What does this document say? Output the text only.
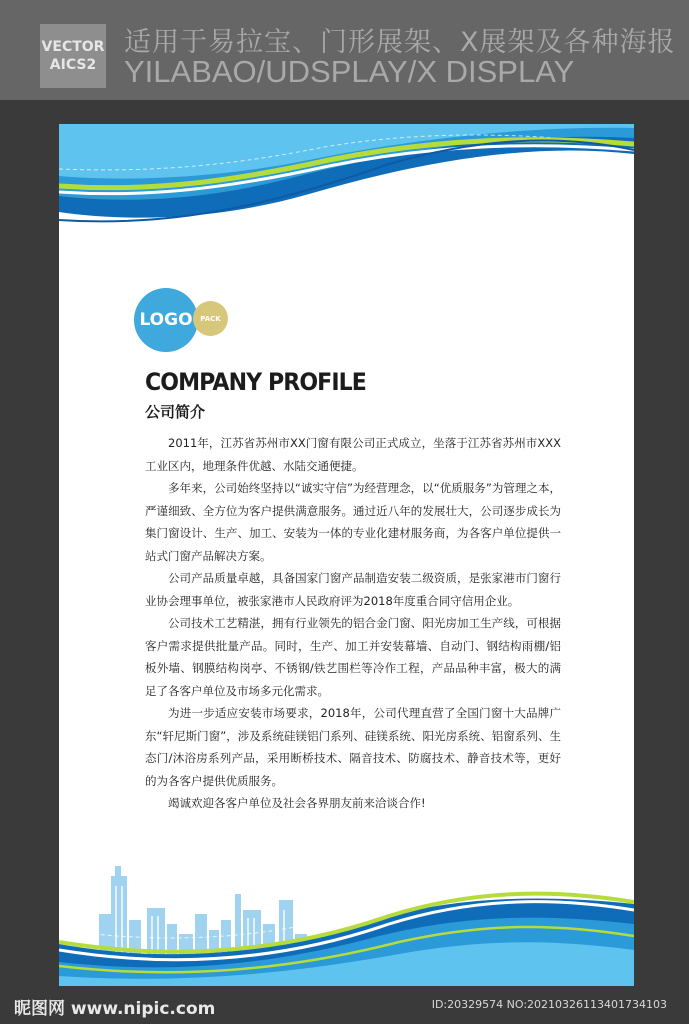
VECTOR
AICS2
适用于易拉宝、门形展架、X展架及各种海报
YILABAO/UDSPLAY/X DISPLAY
LOGO PACK
COMPANY PROFILE
公司简介

2011年，江苏省苏州市XX门窗有限公司正式成立，坐落于江苏省苏州市XXX工业区内，地理条件优越、水陆交通便捷。

多年来，公司始终坚持以“诚实守信”为经营理念，以“优质服务”为管理之本，严谨细致、全方位为客户提供满意服务。通过近八年的发展壮大，公司逐步成长为集门窗设计、生产、加工、安装为一体的专业化建材服务商，为各客户单位提供一站式门窗产品解决方案。

公司产品质量卓越，具备国家门窗产品制造安装二级资质，是张家港市门窗行业协会理事单位，被张家港市人民政府评为2018年度重合同守信用企业。

公司技术工艺精湛，拥有行业领先的铝合金门窗、阳光房加工生产线，可根据客户需求提供批量产品。同时，生产、加工并安装幕墙、自动门、钢结构雨棚/铝板外墙、钢膜结构岗亭、不锈钢/铁艺围栏等冷作工程，产品品种丰富，极大的满足了各客户单位及市场多元化需求。

为进一步适应安装市场要求，2018年，公司代理直营了全国门窗十大品牌广东“轩尼斯门窗”，涉及系统硅镁铝门系列、硅镁系统、阳光房系统、铝窗系列、生态门/沐浴房系列产品，采用断桥技术、隔音技术、防腐技术、静音技术等，更好的为各客户提供优质服务。

竭诚欢迎各客户单位及社会各界朋友前来洽谈合作!

昵图网 www.nipic.com	ID:20329574 NO:20210326113401734103
